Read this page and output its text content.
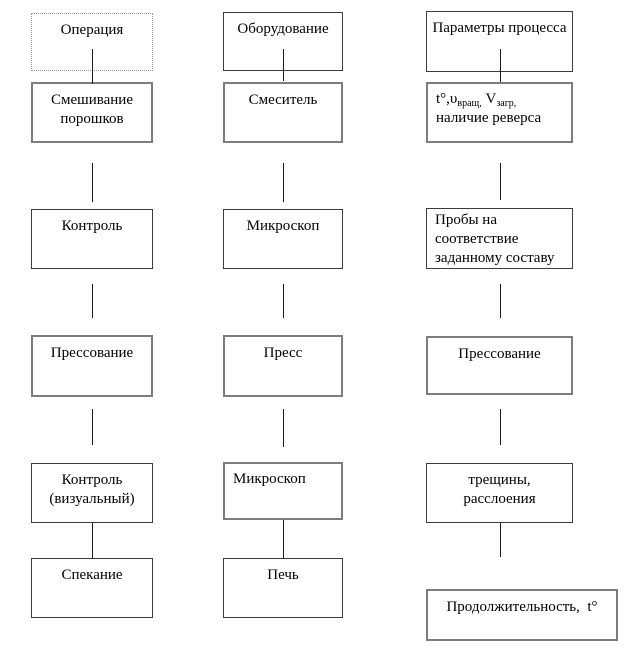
Операция
Смешивание порошков
Контроль
Прессование
Контроль (визуальный)
Спекание
Оборудование
Смеситель
Микроскоп
Пресс
Микроскоп
Печь
Параметры процесса
$t^\circ,\upsilon_{вращ,}$ $V_{загр,}$
наличие реверса
Пробы на соответствие заданному составу
Прессование
трещины, расслоения
Продолжительность,  t°
